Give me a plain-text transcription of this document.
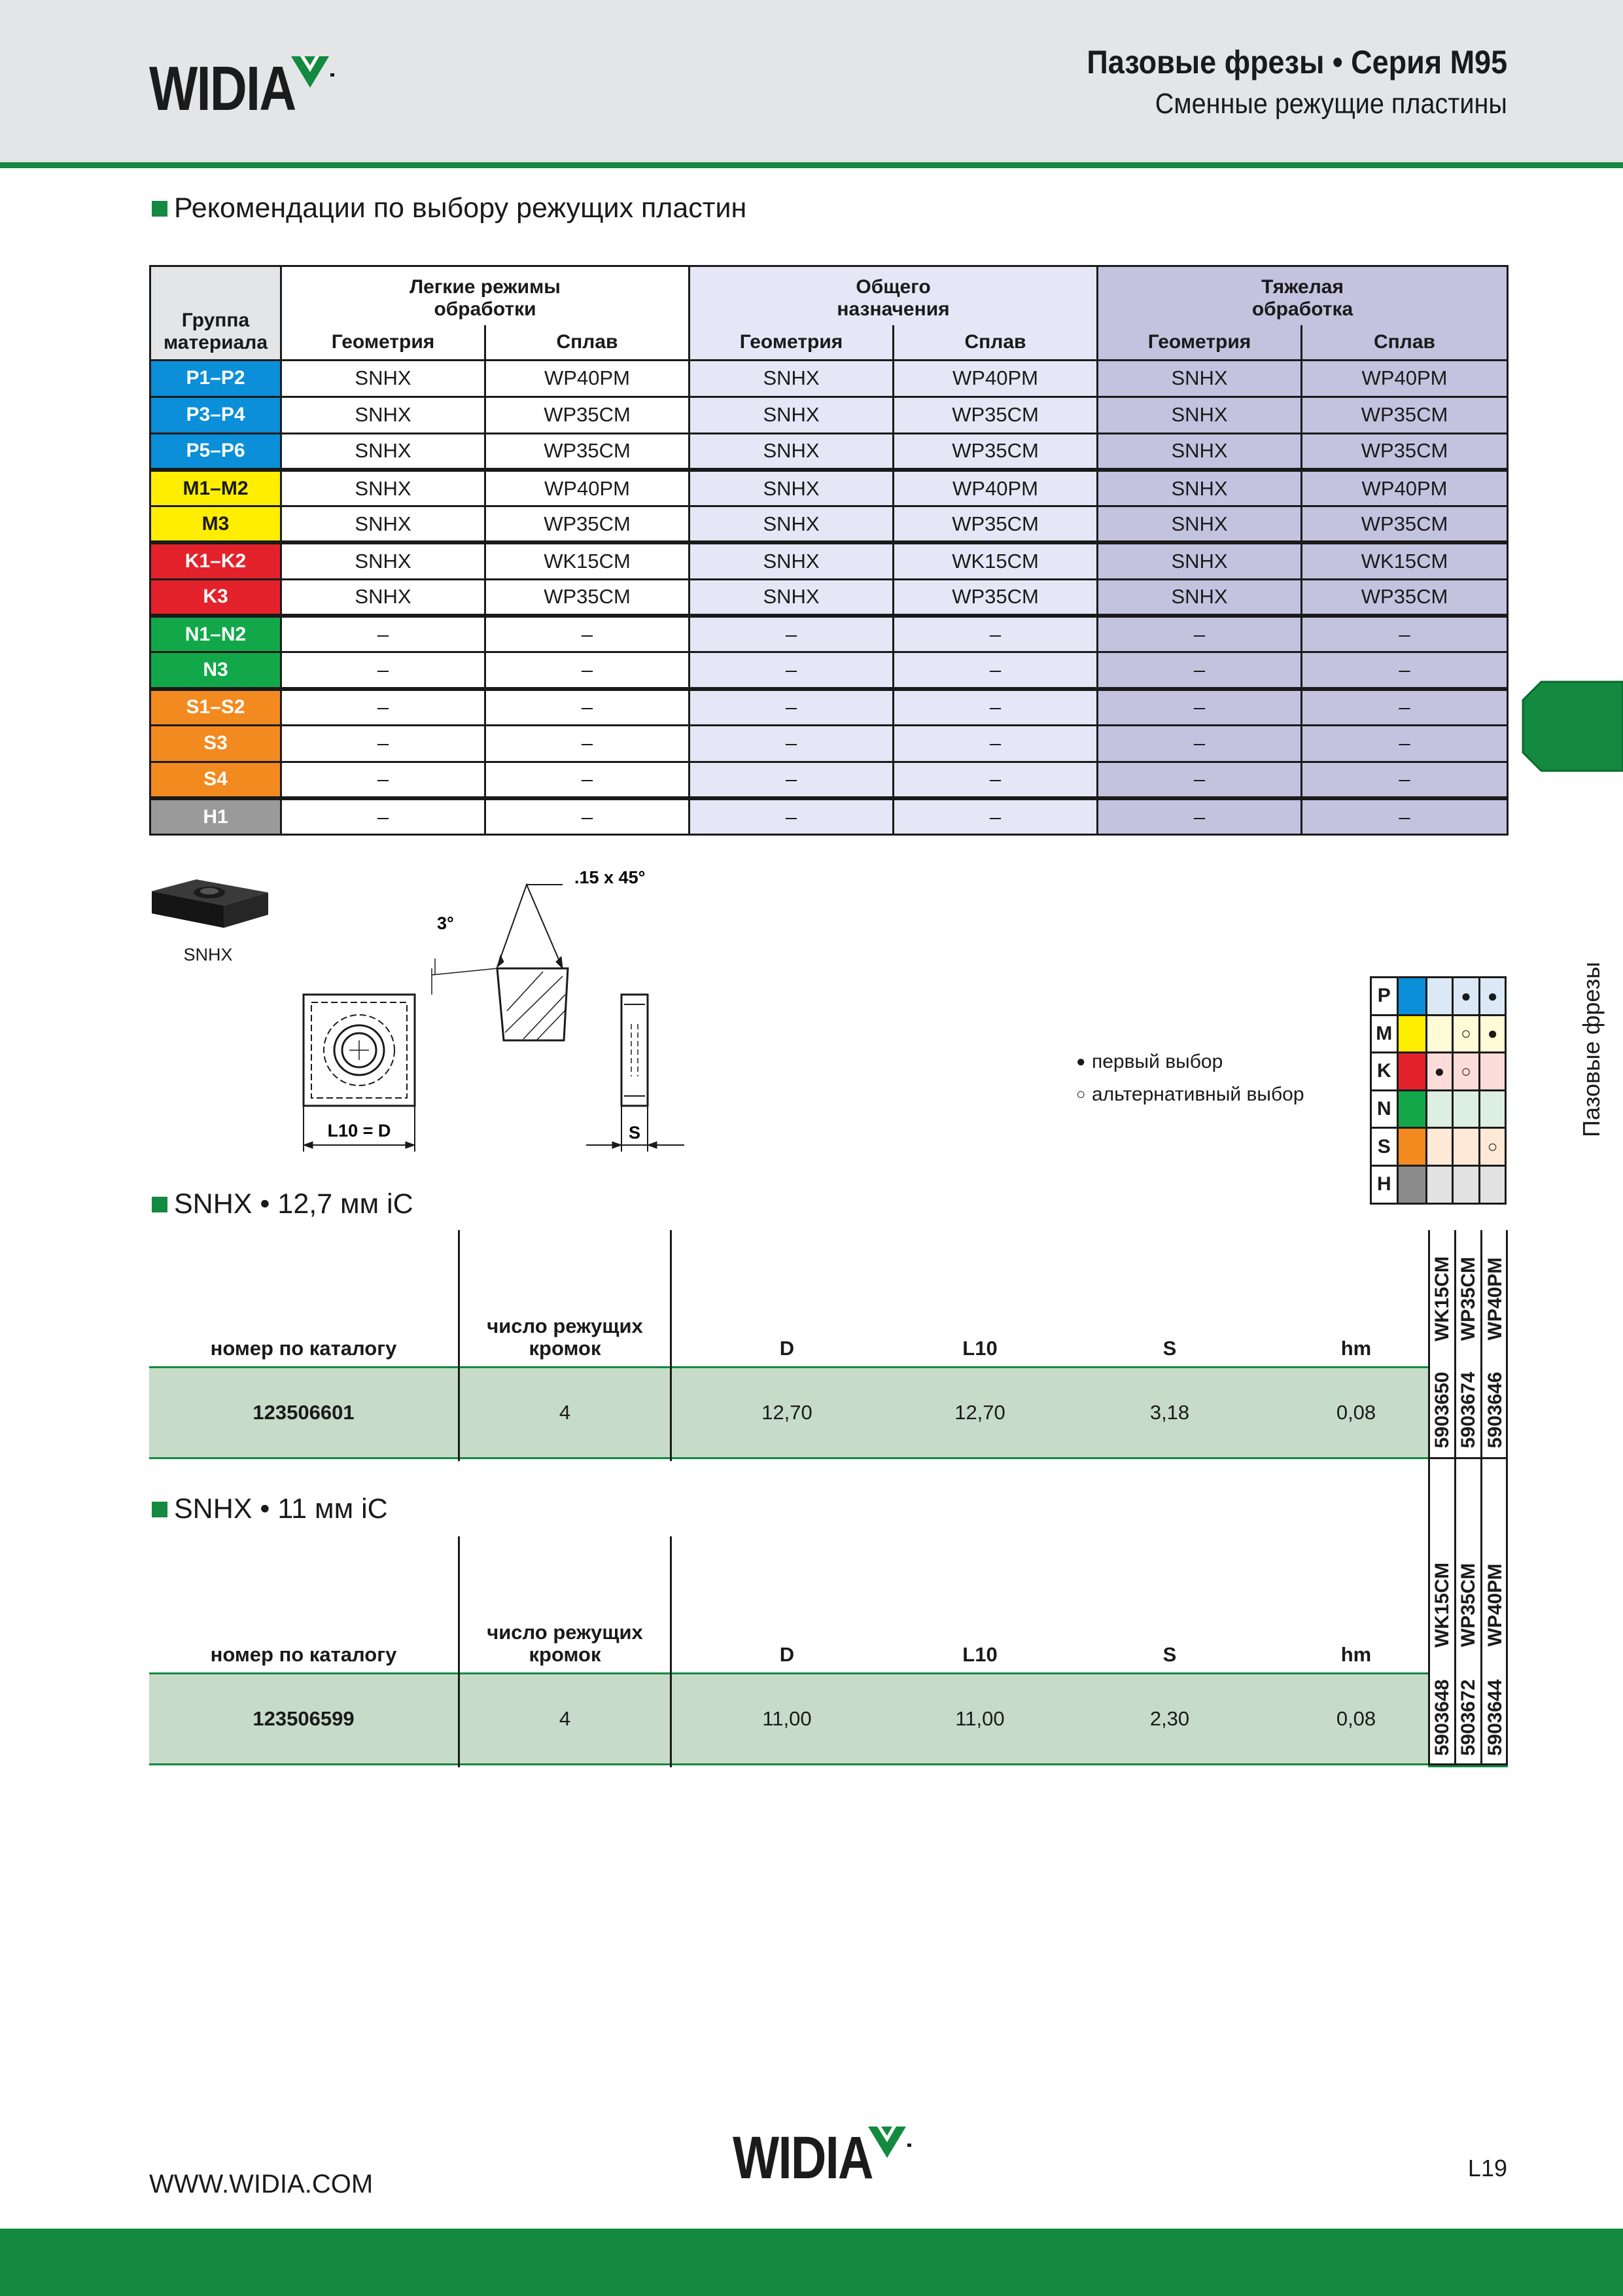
WIDIA	Пазовые фрезы • Серия M95
Сменные режущие пластины
Рекомендации по выбору режущих пластин
Группа материала	Легкие режимы
обработки		Общего
назначения		Тяжелая
обработка	
	Геометрия	Сплав	Геометрия	Сплав	Геометрия	Сплав
P1–P2	SNHX	WP40PM	SNHX	WP40PM	SNHX	WP40PM
P3–P4	SNHX	WP35CM	SNHX	WP35CM	SNHX	WP35CM
P5–P6	SNHX	WP35CM	SNHX	WP35CM	SNHX	WP35CM
M1–M2	SNHX	WP40PM	SNHX	WP40PM	SNHX	WP40PM
M3	SNHX	WP35CM	SNHX	WP35CM	SNHX	WP35CM
K1–K2	SNHX	WK15CM	SNHX	WK15CM	SNHX	WK15CM
K3	SNHX	WP35CM	SNHX	WP35CM	SNHX	WP35CM
N1–N2	–	–	–	–	–	–
N3	–	–	–	–	–	–
S1–S2	–	–	–	–	–	–
S3	–	–	–	–	–	–
S4	–	–	–	–	–	–
H1	–	–	–	–	–	–
L10 = D
3°
.15 x 45°
S
SNHX
Пазовые фрезы
● первый выбор
○ альтернативный выбор
P			●	●
M			○	●
K		●	○	
N				
S				○
H				
SNHX • 12,7 мм iC
номер по каталогу
число режущих
кромок	D	L10	S	hm
123506601	4	12,70	12,70	3,18	0,08
WK15CM
5903650
WP35CM
5903674
WP40PM
5903646
SNHX • 11 мм iC
номер по каталогу
число режущих
кромок	D	L10	S	hm
123506599	4	11,00	11,00	2,30	0,08
WK15CM
5903648
WP35CM
5903672
WP40PM
5903644
WWW.WIDIA.COM	WIDIA	L19
